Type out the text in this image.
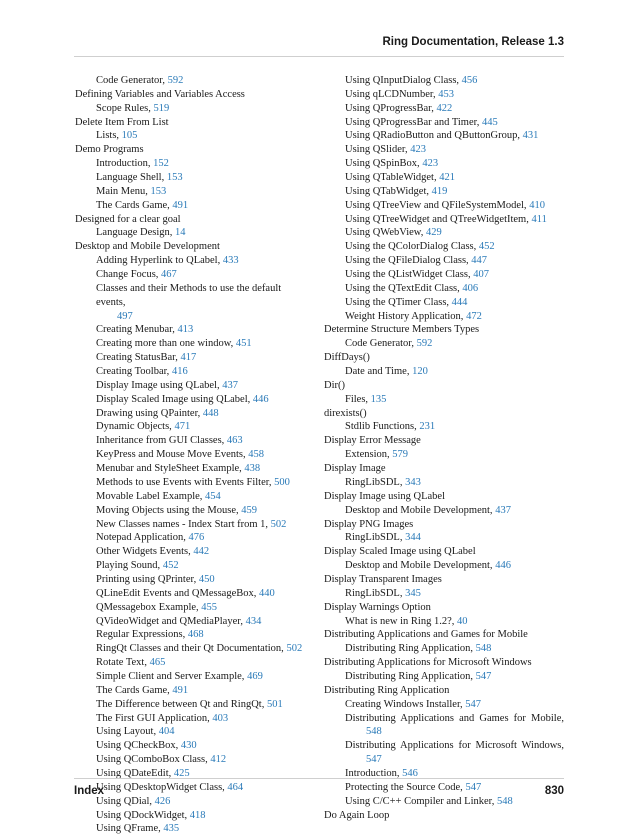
Ring Documentation, Release 1.3
Code Generator, 592
Defining Variables and Variables Access
Scope Rules, 519
Delete Item From List
Lists, 105
Demo Programs
Introduction, 152
Language Shell, 153
Main Menu, 153
The Cards Game, 491
Designed for a clear goal
Language Design, 14
Desktop and Mobile Development
Adding Hyperlink to QLabel, 433
Change Focus, 467
Classes and their Methods to use the default events,
497
Creating Menubar, 413
Creating more than one window, 451
Creating StatusBar, 417
Creating Toolbar, 416
Display Image using QLabel, 437
Display Scaled Image using QLabel, 446
Drawing using QPainter, 448
Dynamic Objects, 471
Inheritance from GUI Classes, 463
KeyPress and Mouse Move Events, 458
Menubar and StyleSheet Example, 438
Methods to use Events with Events Filter, 500
Movable Label Example, 454
Moving Objects using the Mouse, 459
New Classes names - Index Start from 1, 502
Notepad Application, 476
Other Widgets Events, 442
Playing Sound, 452
Printing using QPrinter, 450
QLineEdit Events and QMessageBox, 440
QMessagebox Example, 455
QVideoWidget and QMediaPlayer, 434
Regular Expressions, 468
RingQt Classes and their Qt Documentation, 502
Rotate Text, 465
Simple Client and Server Example, 469
The Cards Game, 491
The Difference between Qt and RingQt, 501
The First GUI Application, 403
Using Layout, 404
Using QCheckBox, 430
Using QComboBox Class, 412
Using QDateEdit, 425
Using QDesktopWidget Class, 464
Using QDial, 426
Using QDockWidget, 418
Using QFrame, 435
Using QInputDialog Class, 456
Using qLCDNumber, 453
Using QProgressBar, 422
Using QProgressBar and Timer, 445
Using QRadioButton and QButtonGroup, 431
Using QSlider, 423
Using QSpinBox, 423
Using QTableWidget, 421
Using QTabWidget, 419
Using QTreeView and QFileSystemModel, 410
Using QTreeWidget and QTreeWidgetItem, 411
Using QWebView, 429
Using the QColorDialog Class, 452
Using the QFileDialog Class, 447
Using the QListWidget Class, 407
Using the QTextEdit Class, 406
Using the QTimer Class, 444
Weight History Application, 472
Determine Structure Members Types
Code Generator, 592
DiffDays()
Date and Time, 120
Dir()
Files, 135
direxists()
Stdlib Functions, 231
Display Error Message
Extension, 579
Display Image
RingLibSDL, 343
Display Image using QLabel
Desktop and Mobile Development, 437
Display PNG Images
RingLibSDL, 344
Display Scaled Image using QLabel
Desktop and Mobile Development, 446
Display Transparent Images
RingLibSDL, 345
Display Warnings Option
What is new in Ring 1.2?, 40
Distributing Applications and Games for Mobile
Distributing Ring Application, 548
Distributing Applications for Microsoft Windows
Distributing Ring Application, 547
Distributing Ring Application
Creating Windows Installer, 547
Distributing Applications and Games for Mobile,
548
Distributing Applications for Microsoft Windows,
547
Introduction, 546
Protecting the Source Code, 547
Using C/C++ Compiler and Linker, 548
Do Again Loop
Index	830
